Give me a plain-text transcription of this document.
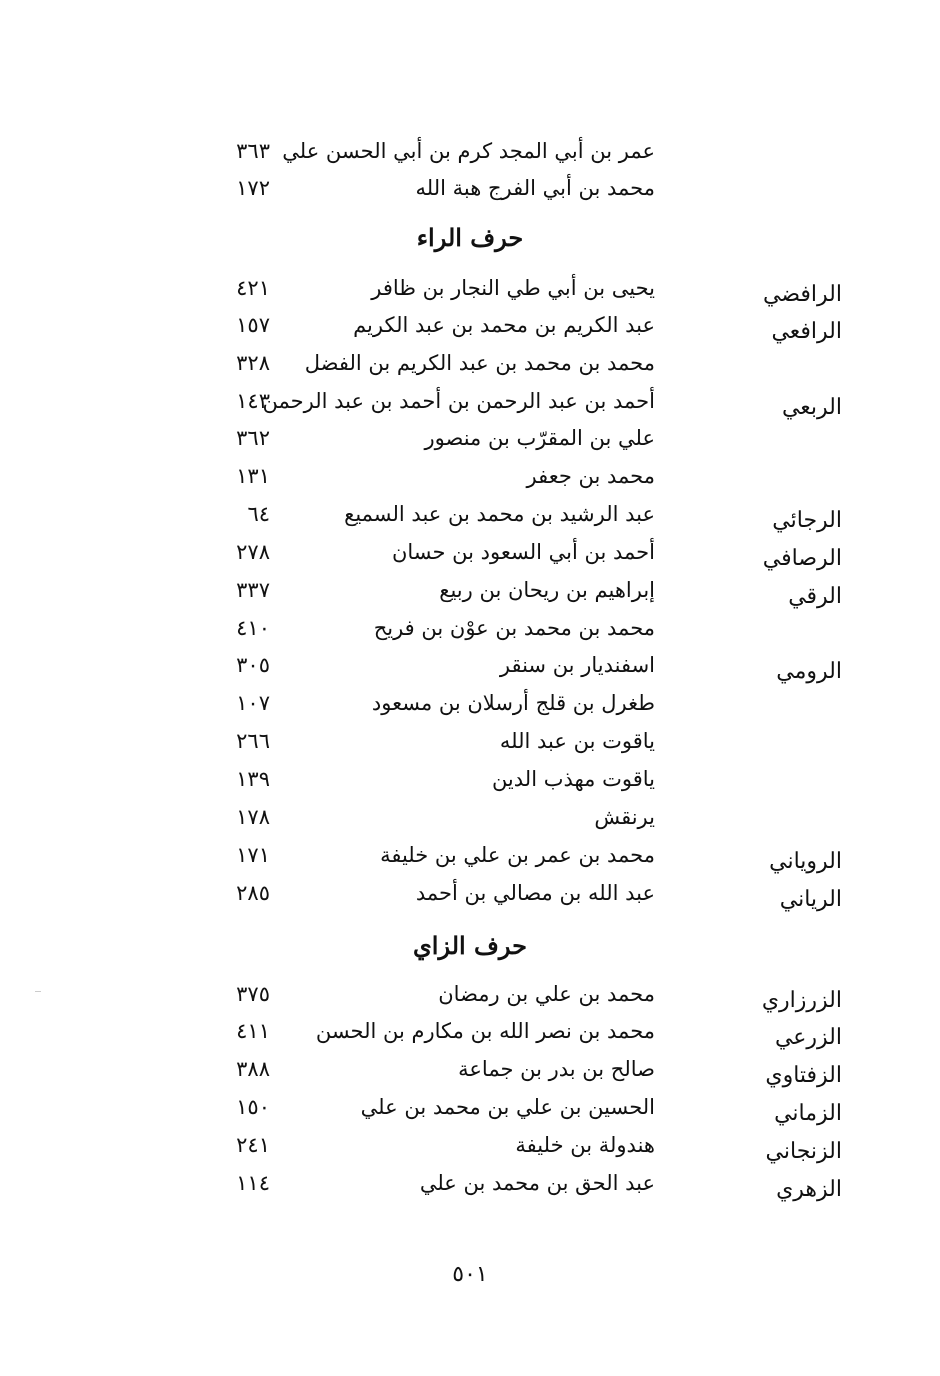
عمر بن أبي المجد كرم بن أبي الحسن علي
٣٦٣
محمد بن أبي الفرج هبة الله
١٧٢
حرف الراء
الرافضي
يحيى بن أبي طي النجار بن ظافر
٤٢١
الرافعي
عبد الكريم بن محمد بن عبد الكريم
١٥٧
محمد بن محمد بن عبد الكريم بن الفضل
٣٢٨
الربعي
أحمد بن عبد الرحمن بن أحمد بن عبد الرحمن
١٤٣
علي بن المقرّب بن منصور
٣٦٢
محمد بن جعفر
١٣١
الرجائي
عبد الرشيد بن محمد بن عبد السميع
٦٤
الرصافي
أحمد بن أبي السعود بن حسان
٢٧٨
الرقي
إبراهيم بن ريحان بن ربيع
٣٣٧
محمد بن محمد بن عوْن بن فريح
٤١٠
الرومي
اسفنديار بن سنقر
٣٠٥
طغرل بن قلج أرسلان بن مسعود
١٠٧
ياقوت بن عبد الله
٢٦٦
ياقوت مهذب الدين
١٣٩
يرنقش
١٧٨
الروياني
محمد بن عمر بن علي بن خليفة
١٧١
الرياني
عبد الله بن مصالي بن أحمد
٢٨٥
حرف الزاي
الزرزاري
محمد بن علي بن رمضان
٣٧٥
الزرعي
محمد بن نصر الله بن مكارم بن الحسن
٤١١
الزفتاوي
صالح بن بدر بن جماعة
٣٨٨
الزماني
الحسين بن علي بن محمد بن علي
١٥٠
الزنجاني
هندولة بن خليفة
٢٤١
الزهري
عبد الحق بن محمد بن علي
١١٤
٥٠١
